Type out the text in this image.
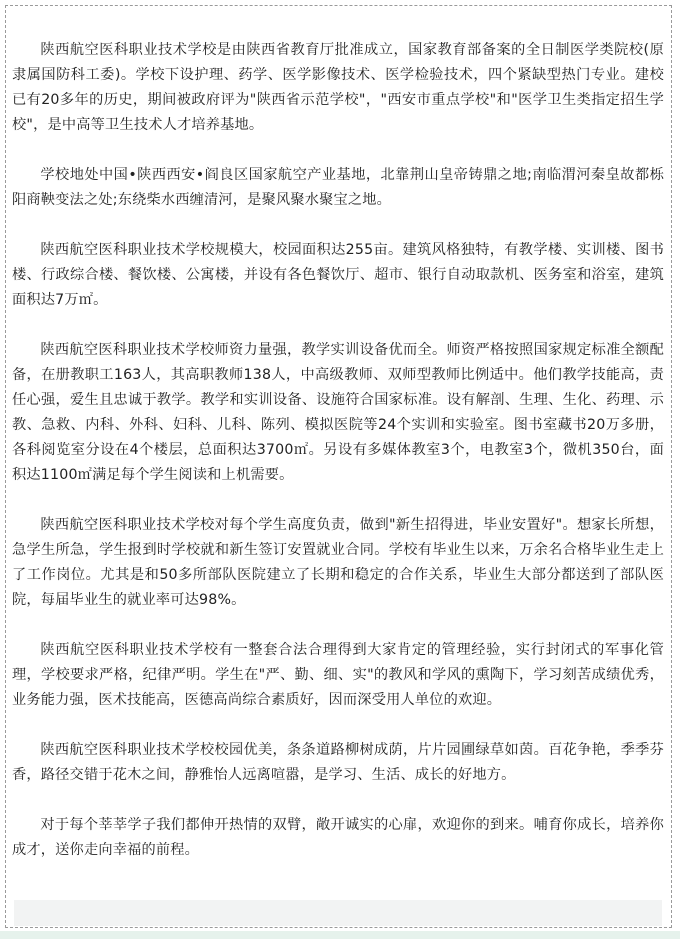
陕西航空医科职业技术学校是由陕西省教育厅批准成立，国家教育部备案的全日制医学类院校(原隶属国防科工委)。学校下设护理、药学、医学影像技术、医学检验技术，四个紧缺型热门专业。建校已有20多年的历史，期间被政府评为"陕西省示范学校"，"西安市重点学校"和"医学卫生类指定招生学校"，是中高等卫生技术人才培养基地。

学校地处中国•陕西西安•阎良区国家航空产业基地，北靠荆山皇帝铸鼎之地;南临渭河秦皇故都栎阳商鞅变法之处;东绕柴水西缠清河，是聚风聚水聚宝之地。

陕西航空医科职业技术学校规模大，校园面积达255亩。建筑风格独特，有教学楼、实训楼、图书楼、行政综合楼、餐饮楼、公寓楼，并设有各色餐饮厅、超市、银行自动取款机、医务室和浴室，建筑面积达7万㎡。

陕西航空医科职业技术学校师资力量强，教学实训设备优而全。师资严格按照国家规定标准全额配备，在册教职工163人，其高职教师138人，中高级教师、双师型教师比例适中。他们教学技能高，责任心强，爱生且忠诚于教学。教学和实训设备、设施符合国家标准。设有解剖、生理、生化、药理、示教、急救、内科、外科、妇科、儿科、陈列、模拟医院等24个实训和实验室。图书室藏书20万多册，各科阅览室分设在4个楼层，总面积达3700㎡。另设有多媒体教室3个，电教室3个，微机350台，面积达1100㎡满足每个学生阅读和上机需要。

陕西航空医科职业技术学校对每个学生高度负责，做到"新生招得进，毕业安置好"。想家长所想，急学生所急，学生报到时学校就和新生签订安置就业合同。学校有毕业生以来，万余名合格毕业生走上了工作岗位。尤其是和50多所部队医院建立了长期和稳定的合作关系，毕业生大部分都送到了部队医院，每届毕业生的就业率可达98%。

陕西航空医科职业技术学校有一整套合法合理得到大家肯定的管理经验，实行封闭式的军事化管理，学校要求严格，纪律严明。学生在"严、勤、细、实"的教风和学风的熏陶下，学习刻苦成绩优秀，业务能力强，医术技能高，医德高尚综合素质好，因而深受用人单位的欢迎。

陕西航空医科职业技术学校校园优美，条条道路柳树成荫，片片园圃绿草如茵。百花争艳，季季芬香，路径交错于花木之间，静雅怡人远离喧嚣，是学习、生活、成长的好地方。

对于每个莘莘学子我们都伸开热情的双臂，敞开诚实的心扉，欢迎你的到来。哺育你成长，培养你成才，送你走向幸福的前程。
